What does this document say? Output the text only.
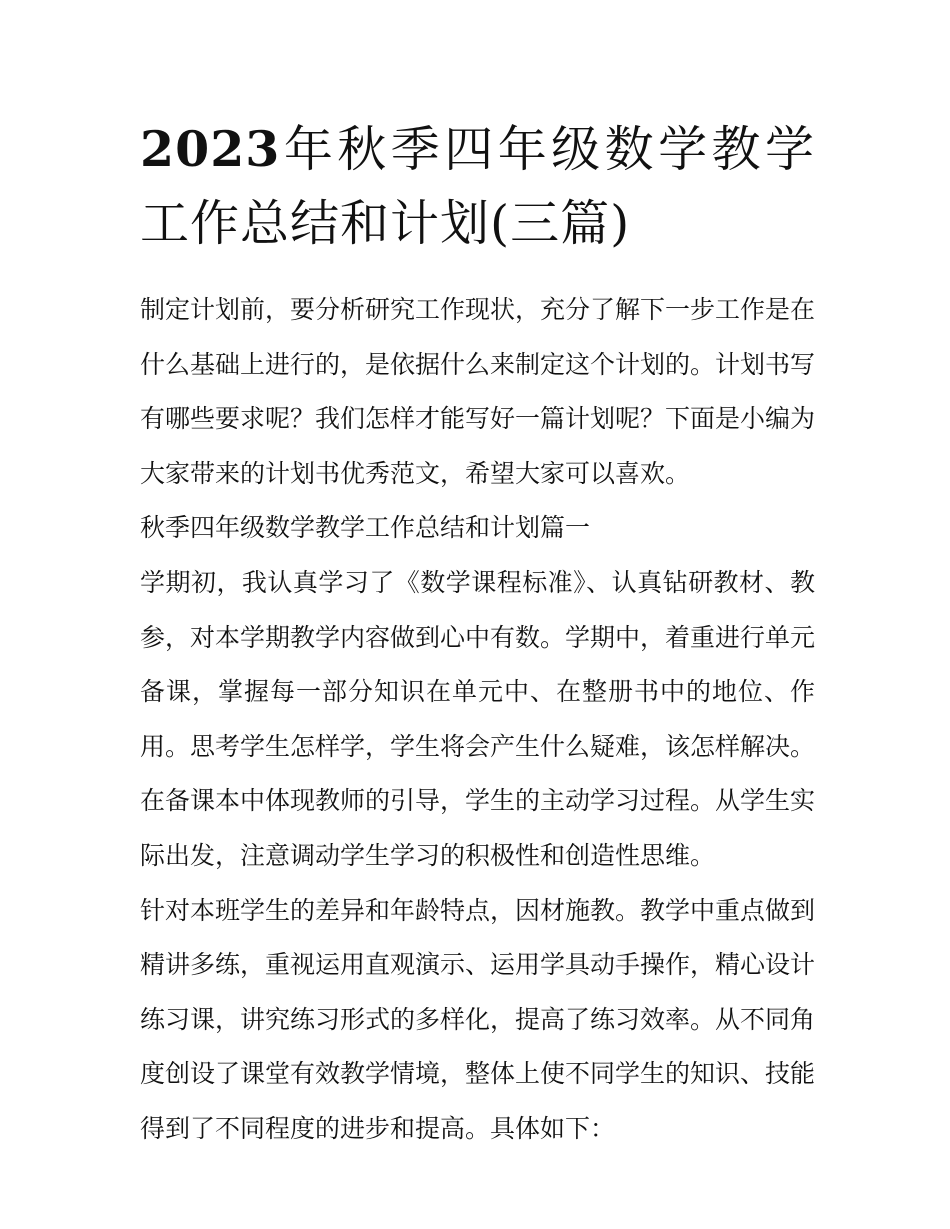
2023年秋季四年级数学教学工作总结和计划(三篇)

制定计划前，要分析研究工作现状，充分了解下一步工作是在什么基础上进行的，是依据什么来制定这个计划的。计划书写有哪些要求呢？我们怎样才能写好一篇计划呢？下面是小编为大家带来的计划书优秀范文，希望大家可以喜欢。

秋季四年级数学教学工作总结和计划篇一

学期初，我认真学习了《数学课程标准》、认真钻研教材、教参，对本学期教学内容做到心中有数。学期中，着重进行单元备课，掌握每一部分知识在单元中、在整册书中的地位、作用。思考学生怎样学，学生将会产生什么疑难，该怎样解决。在备课本中体现教师的引导，学生的主动学习过程。从学生实际出发，注意调动学生学习的积极性和创造性思维。

针对本班学生的差异和年龄特点，因材施教。教学中重点做到精讲多练，重视运用直观演示、运用学具动手操作，精心设计练习课，讲究练习形式的多样化，提高了练习效率。从不同角度创设了课堂有效教学情境，整体上使不同学生的知识、技能得到了不同程度的进步和提高。具体如下：
